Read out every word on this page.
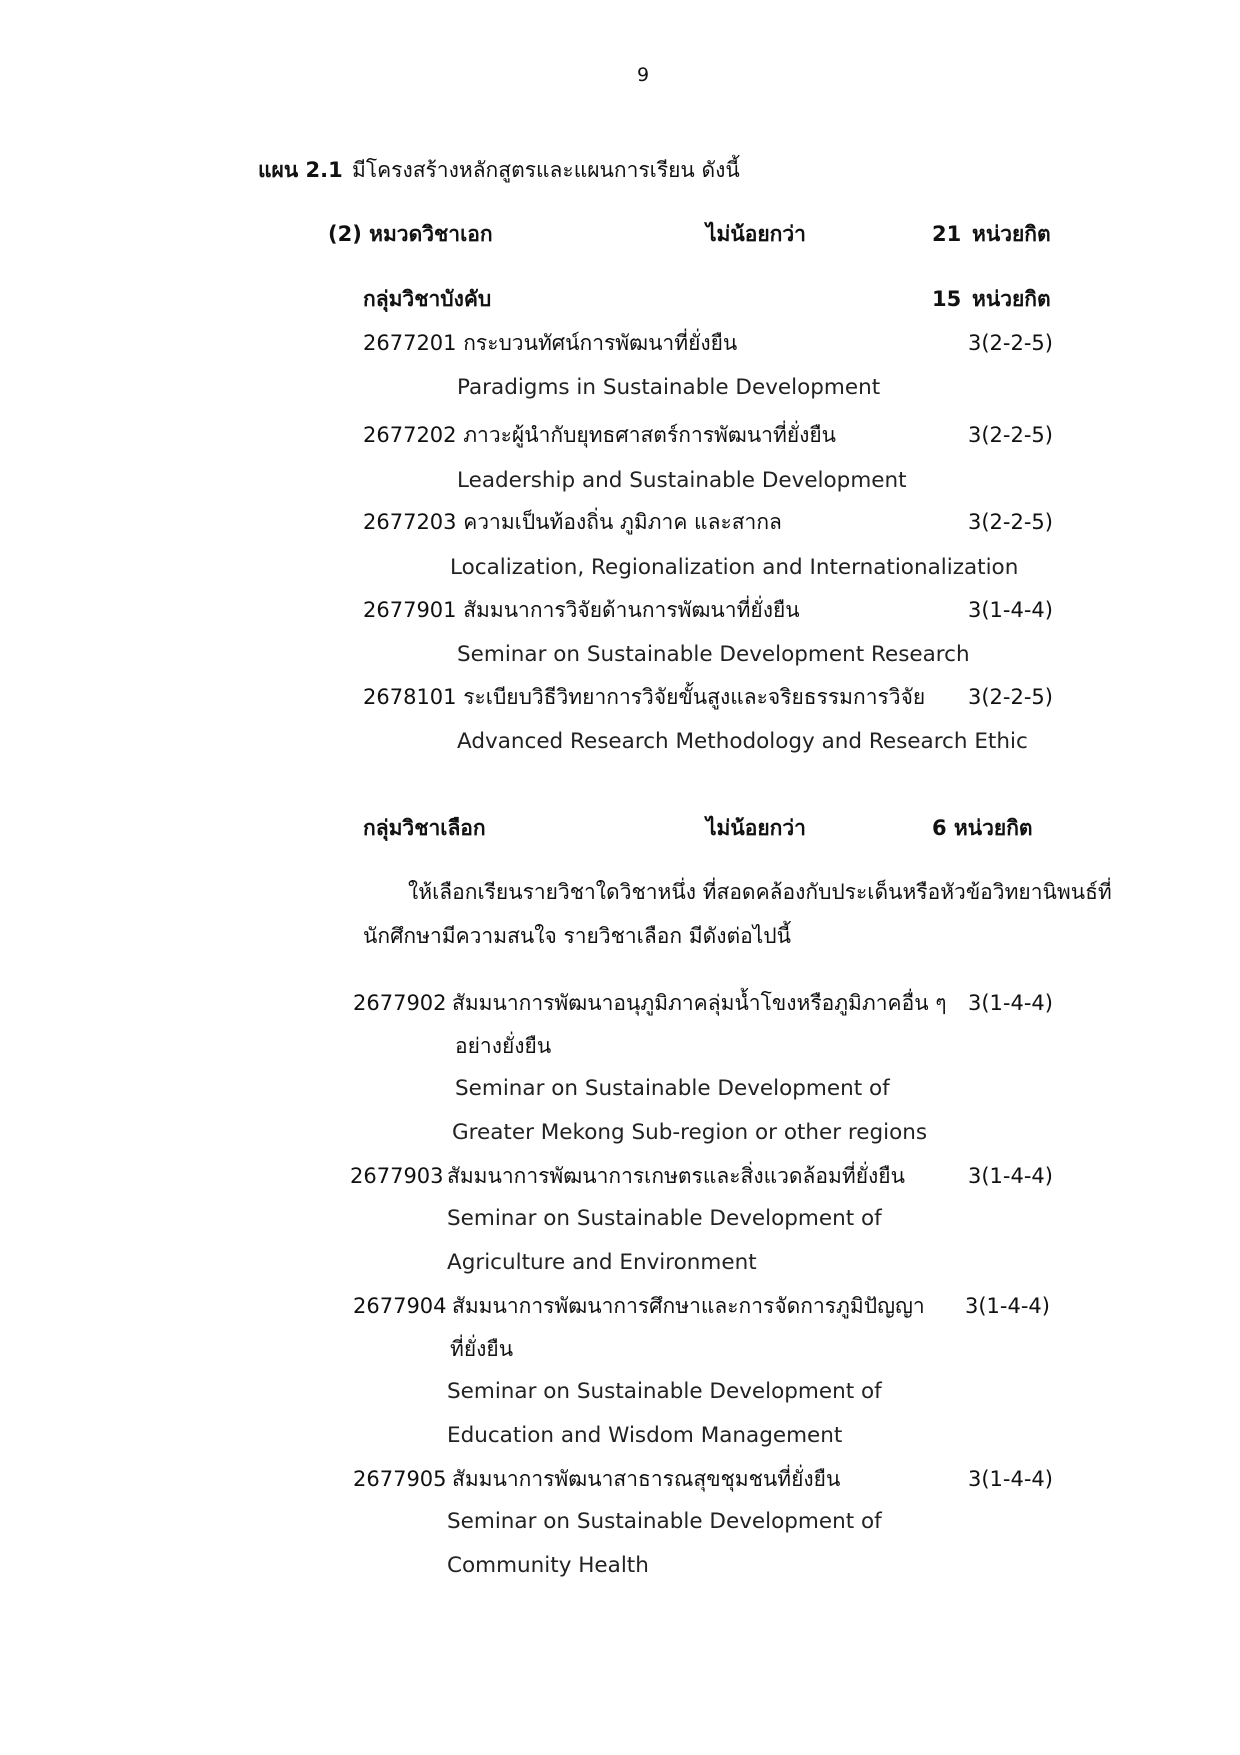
9
แผน 2.1 มีโครงสร้างหลักสูตรและแผนการเรียน ดังนี้
(2) หมวดวิชาเอก	ไม่น้อยกว่า	21 หน่วยกิต
กลุ่มวิชาบังคับ	15 หน่วยกิต
2677201 กระบวนทัศน์การพัฒนาที่ยั่งยืน	3(2-2-5)
Paradigms in Sustainable Development
2677202 ภาวะผู้นำกับยุทธศาสตร์การพัฒนาที่ยั่งยืน	3(2-2-5)
Leadership and Sustainable Development
2677203 ความเป็นท้องถิ่น ภูมิภาค และสากล	3(2-2-5)
Localization, Regionalization and Internationalization
2677901 สัมมนาการวิจัยด้านการพัฒนาที่ยั่งยืน	3(1-4-4)
Seminar on Sustainable Development Research
2678101 ระเบียบวิธีวิทยาการวิจัยขั้นสูงและจริยธรรมการวิจัย 3(2-2-5)
Advanced Research Methodology and Research Ethic
กลุ่มวิชาเลือก	ไม่น้อยกว่า	6 หน่วยกิต
ให้เลือกเรียนรายวิชาใดวิชาหนึ่ง ที่สอดคล้องกับประเด็นหรือหัวข้อวิทยานิพนธ์ที่
นักศึกษามีความสนใจ รายวิชาเลือก มีดังต่อไปนี้
2677902 สัมมนาการพัฒนาอนุภูมิภาคลุ่มน้ำโขงหรือภูมิภาคอื่น ๆ 3(1-4-4)
อย่างยั่งยืน
Seminar on Sustainable Development of
Greater Mekong Sub-region or other regions
2677903 สัมมนาการพัฒนาการเกษตรและสิ่งแวดล้อมที่ยั่งยืน	3(1-4-4)
Seminar on Sustainable Development of
Agriculture and Environment
2677904 สัมมนาการพัฒนาการศึกษาและการจัดการภูมิปัญญา 3(1-4-4)
ที่ยั่งยืน
Seminar on Sustainable Development of
Education and Wisdom Management
2677905 สัมมนาการพัฒนาสาธารณสุขชุมชนที่ยั่งยืน	3(1-4-4)
Seminar on Sustainable Development of
Community Health
